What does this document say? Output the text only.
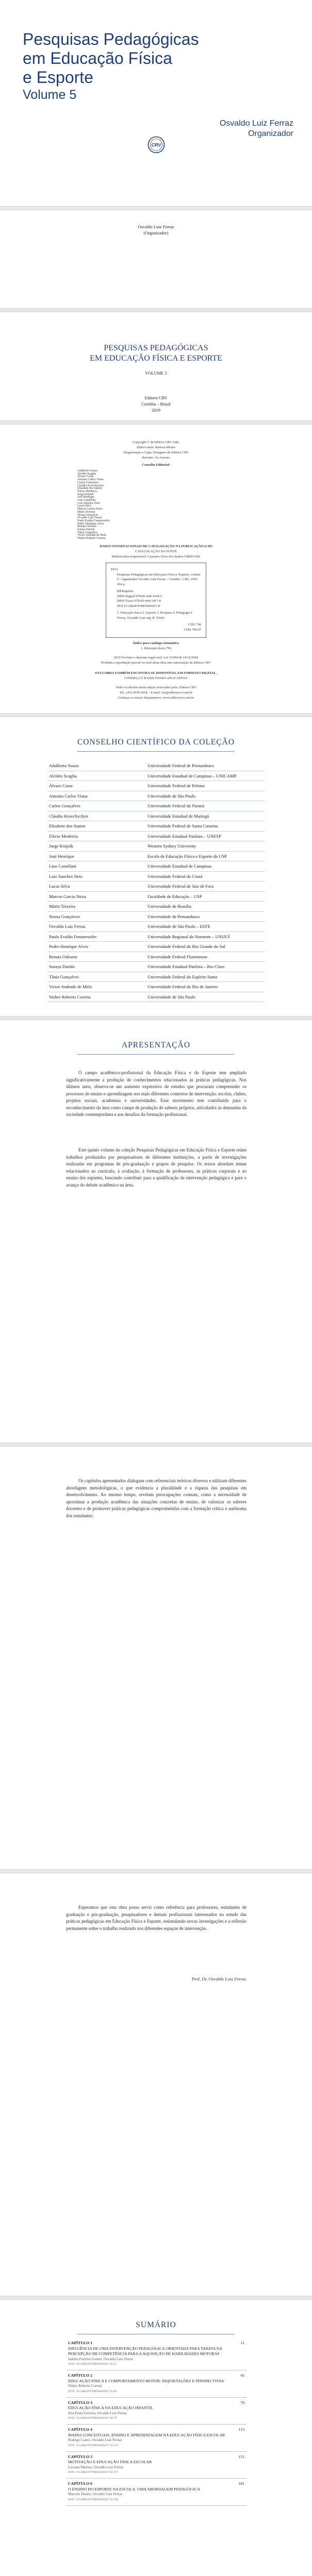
Pesquisas Pedagógicas
em Educação Física
e Esporte

Volume 5

Osvaldo Luiz Ferraz
Organizador
CRV
Osvaldo Luiz Ferraz
(Organizador)
PESQUISAS PEDAGÓGICAS
EM EDUCAÇÃO FÍSICA E ESPORTE
VOLUME 5
Editora CRV
Curitiba – Brasil
2019
Copyright © da Editora CRV Ltda.
Editor-chefe: Railson Moura
Diagramação e Capa: Designers da Editora CRV
Revisão: Os Autores
Conselho Editorial:
Adalberto Souza
Alcides Scaglia
Álvaro Costa
Antonio Carlos Viana
Carlos Gonçalves
Cláudio Kravchychyn
Elisabete dos Santos
Flávio Medeiros
Jorge Knijnik
José Henrique
Lino Castellani
Luiz Sanches Neto
Lucas Silva
Marcos Garcia Neira
Mário Teixeira
Neusa Gonçalves
Osvaldo Luiz Ferraz
Paulo Evaldo Fensterseifer
Pedro Henrique Alves
Renata Osborne
Suraya Darido
Tânia Gonçalves
Victor Andrade de Melo
Walter Roberto Correia
DADOS INTERNACIONAIS DE CATALOGAÇÃO NA PUBLICAÇÃO (CIP)
CATALOGAÇÃO NA FONTE
Bibliotecária responsável: Luzenira Alves dos Santos CRB9/1506
P474
Pesquisas Pedagógicas em Educação Física e Esporte, volume 5 / organizador Osvaldo Luiz Ferraz – Curitiba : CRV, 2019. 204 p.
Bibliografia
ISBN Digital 978-85-444-3418-5
ISBN Físico 978-85-444-3417-8
DOI 10.24824/978854443417.8
1. Educação física 2. Esporte 3. Pesquisa 4. Pedagogia I. Ferraz, Osvaldo Luiz org. II. Título
CDU 796
CDD 796.07
Índice para catálogo sistemático
1. Educação física 796
2019 Foi feito o depósito legal conf. Lei 10.994 de 14/12/2004
Proibida a reprodução parcial ou total desta obra sem autorização da Editora CRV
ESTA OBRA TAMBÉM ENCONTRA-SE DISPONÍVEL EM FORMATO DIGITAL.
CONHEÇA E BAIXE NOSSO APLICATIVO!
Todos os direitos desta edição reservados pela: Editora CRV
Tel.: (41) 3039-6418 – E-mail: sac@editoracrv.com.br
Conheça os nossos lançamentos: www.editoracrv.com.br
CONSELHO CIENTÍFICO DA COLEÇÃO
Adalberto Souza	Universidade Federal de Pernambuco
Alcides Scaglia	Universidade Estadual de Campinas – UNICAMP
Álvaro Costa	Universidade Federal de Pelotas
Antonio Carlos Viana	Universidade de São Paulo
Carlos Gonçalves	Universidade Federal do Paraná
Cláudio Kravchychyn	Universidade Estadual de Maringá
Elisabete dos Santos	Universidade Federal de Santa Catarina
Flávio Medeiros	Universidade Estadual Paulista – UNESP
Jorge Knijnik	Western Sydney University
José Henrique	Escola de Educação Física e Esporte da USP
Lino Castellani	Universidade Estadual de Campinas
Luiz Sanches Neto	Universidade Federal do Ceará
Lucas Silva	Universidade Federal de Juiz de Fora
Marcos Garcia Neira	Faculdade de Educação – USP
Mário Teixeira	Universidade de Brasília
Neusa Gonçalves	Universidade de Pernambuco
Osvaldo Luiz Ferraz	Universidade de São Paulo – EEFE
Paulo Evaldo Fensterseifer	Universidade Regional do Noroeste – UNIJUÍ
Pedro Henrique Alves	Universidade Federal do Rio Grande do Sul
Renata Osborne	Universidade Federal Fluminense
Suraya Darido	Universidade Estadual Paulista – Rio Claro
Tânia Gonçalves	Universidade Federal do Espírito Santo
Victor Andrade de Melo	Universidade Federal do Rio de Janeiro
Walter Roberto Correia	Universidade de São Paulo
APRESENTAÇÃO

O campo acadêmico-profissional da Educação Física e do Esporte tem ampliado significativamente a produção de conhecimentos relacionados às práticas pedagógicas. Nos últimos anos, observa-se um aumento expressivo de estudos que procuram compreender os processos de ensino e aprendizagem nos mais diferentes contextos de intervenção: escolas, clubes, projetos sociais, academias e universidades. Esse movimento tem contribuído para o reconhecimento da área como campo de produção de saberes próprios, articulados às demandas da sociedade contemporânea e aos desafios da formação profissional.

Este quinto volume da coleção Pesquisas Pedagógicas em Educação Física e Esporte reúne trabalhos produzidos por pesquisadores de diferentes instituições, a partir de investigações realizadas em programas de pós-graduação e grupos de pesquisa. Os textos abordam temas relacionados ao currículo, à avaliação, à formação de professores, às práticas corporais e ao ensino dos esportes, buscando contribuir para a qualificação da intervenção pedagógica e para o avanço do debate acadêmico na área.

Os capítulos apresentados dialogam com referenciais teóricos diversos e utilizam diferentes abordagens metodológicas, o que evidencia a pluralidade e a riqueza das pesquisas em desenvolvimento. Ao mesmo tempo, revelam preocupações comuns, como a necessidade de aproximar a produção acadêmica das situações concretas de ensino, de valorizar os saberes docentes e de promover práticas pedagógicas comprometidas com a formação crítica e autônoma dos estudantes.

Esperamos que esta obra possa servir como referência para professores, estudantes de graduação e pós-graduação, pesquisadores e demais profissionais interessados no estudo das práticas pedagógicas em Educação Física e Esporte, estimulando novas investigações e a reflexão permanente sobre o trabalho realizado nos diferentes espaços de intervenção.

Prof. Dr. Osvaldo Luiz Ferraz
SUMÁRIO
CAPÍTULO 1
INFLUÊNCIA DE UMA INTERVENÇÃO PEDAGÓGICA ORIENTADA PARA TAREFA NA PERCEPÇÃO DE COMPETÊNCIA PARA A AQUISIÇÃO DE HABILIDADES MOTORAS
Isabela Ferreira Gomes, Osvaldo Luiz Ferraz
DOI: 10.24824/978854443417.8.11	11

CAPÍTULO 2
EDUCAÇÃO FÍSICA E COMPORTAMENTO MOTOR: INQUIETAÇÕES E PERSPECTIVAS
Walter Roberto Correia
DOI: 10.24824/978854443417.8.45	45

CAPÍTULO 3
EDUCAÇÃO FÍSICA NA EDUCAÇÃO INFANTIL
Ana Paula Ferreira, Osvaldo Luiz Ferraz
DOI: 10.24824/978854443417.8.79	79

CAPÍTULO 4
MAPAS CONCEITUAIS, ENSINO E APRENDIZAGEM NA EDUCAÇÃO FÍSICA ESCOLAR
Rodrigo Castro, Osvaldo Luiz Ferraz
DOI: 10.24824/978854443417.8.113	113

CAPÍTULO 5
MOTIVAÇÃO E EDUCAÇÃO FÍSICA ESCOLAR
Luciana Martins, Osvaldo Luiz Ferraz
DOI: 10.24824/978854443417.8.151	151

CAPÍTULO 6
O ENSINO DO ESPORTE NA ESCOLA: UMA ABORDAGEM PEDAGÓGICA
Marcelo Duarte, Osvaldo Luiz Ferraz
DOI: 10.24824/978854443417.8.181	181
